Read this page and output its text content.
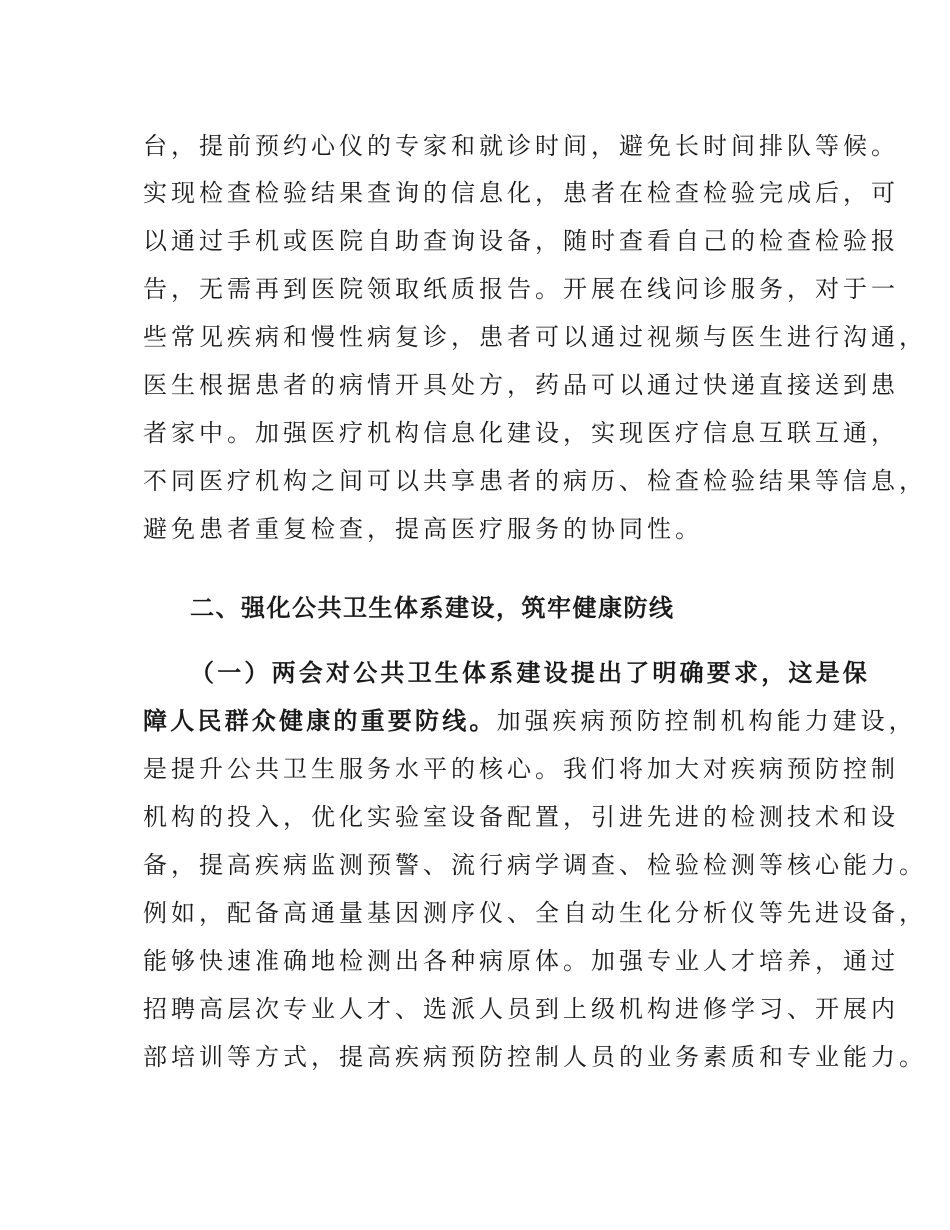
台，提前预约心仪的专家和就诊时间，避免长时间排队等候。
实现检查检验结果查询的信息化，患者在检查检验完成后，可
以通过手机或医院自助查询设备，随时查看自己的检查检验报
告，无需再到医院领取纸质报告。开展在线问诊服务，对于一
些常见疾病和慢性病复诊，患者可以通过视频与医生进行沟通，
医生根据患者的病情开具处方，药品可以通过快递直接送到患
者家中。加强医疗机构信息化建设，实现医疗信息互联互通，
不同医疗机构之间可以共享患者的病历、检查检验结果等信息，
避免患者重复检查，提高医疗服务的协同性。
二、强化公共卫生体系建设，筑牢健康防线
（一）两会对公共卫生体系建设提出了明确要求，这是保
障人民群众健康的重要防线。加强疾病预防控制机构能力建设，
是提升公共卫生服务水平的核心。我们将加大对疾病预防控制
机构的投入，优化实验室设备配置，引进先进的检测技术和设
备，提高疾病监测预警、流行病学调查、检验检测等核心能力。
例如，配备高通量基因测序仪、全自动生化分析仪等先进设备，
能够快速准确地检测出各种病原体。加强专业人才培养，通过
招聘高层次专业人才、选派人员到上级机构进修学习、开展内
部培训等方式，提高疾病预防控制人员的业务素质和专业能力。
